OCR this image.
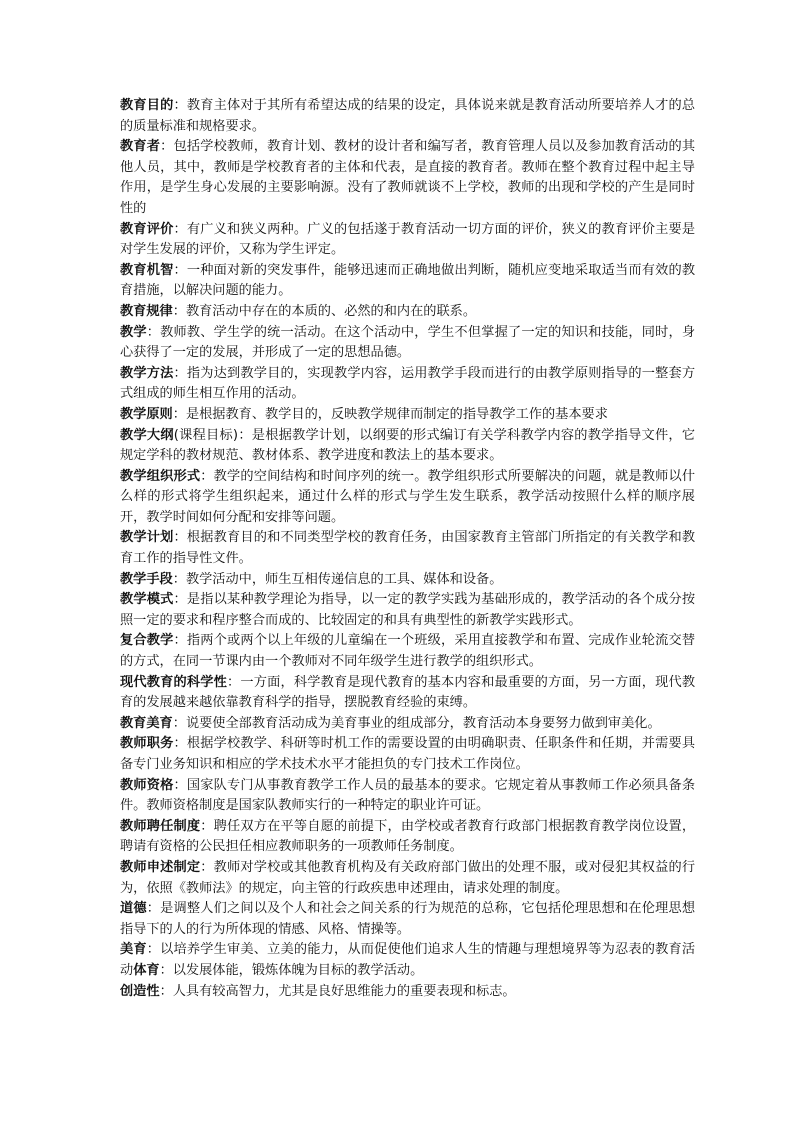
教育目的：教育主体对于其所有希望达成的结果的设定，具体说来就是教育活动所要培养人才的总的质量标准和规格要求。

教育者：包括学校教师，教育计划、教材的设计者和编写者，教育管理人员以及参加教育活动的其他人员，其中，教师是学校教育者的主体和代表，是直接的教育者。教师在整个教育过程中起主导作用，是学生身心发展的主要影响源。没有了教师就谈不上学校，教师的出现和学校的产生是同时性的

教育评价：有广义和狭义两种。广义的包括遂于教育活动一切方面的评价，狭义的教育评价主要是对学生发展的评价，又称为学生评定。

教育机智：一种面对新的突发事件，能够迅速而正确地做出判断，随机应变地采取适当而有效的教育措施，以解决问题的能力。

教育规律：教育活动中存在的本质的、必然的和内在的联系。

教学：教师教、学生学的统一活动。在这个活动中，学生不但掌握了一定的知识和技能，同时，身心获得了一定的发展，并形成了一定的思想品德。

教学方法：指为达到教学目的，实现教学内容，运用教学手段而进行的由教学原则指导的一整套方式组成的师生相互作用的活动。

教学原则：是根据教育、教学目的，反映教学规律而制定的指导教学工作的基本要求

教学大纲(课程目标)：是根据教学计划，以纲要的形式编订有关学科教学内容的教学指导文件，它规定学科的教材规范、教材体系、教学进度和教法上的基本要求。

教学组织形式：教学的空间结构和时间序列的统一。教学组织形式所要解决的问题，就是教师以什么样的形式将学生组织起来，通过什么样的形式与学生发生联系，教学活动按照什么样的顺序展开，教学时间如何分配和安排等问题。

教学计划：根据教育目的和不同类型学校的教育任务，由国家教育主管部门所指定的有关教学和教育工作的指导性文件。

教学手段：教学活动中，师生互相传递信息的工具、媒体和设备。

教学模式：是指以某种教学理论为指导，以一定的教学实践为基础形成的，教学活动的各个成分按照一定的要求和程序整合而成的、比较固定的和具有典型性的新教学实践形式。

复合教学：指两个或两个以上年级的儿童编在一个班级，采用直接教学和布置、完成作业轮流交替的方式，在同一节课内由一个教师对不同年级学生进行教学的组织形式。

现代教育的科学性：一方面，科学教育是现代教育的基本内容和最重要的方面，另一方面，现代教育的发展越来越依靠教育科学的指导，摆脱教育经验的束缚。

教育美育：说要使全部教育活动成为美育事业的组成部分，教育活动本身要努力做到审美化。

教师职务：根据学校教学、科研等时机工作的需要设置的由明确职责、任职条件和任期，并需要具备专门业务知识和相应的学术技术水平才能担负的专门技术工作岗位。

教师资格：国家队专门从事教育教学工作人员的最基本的要求。它规定着从事教师工作必须具备条件。教师资格制度是国家队教师实行的一种特定的职业许可证。

教师聘任制度：聘任双方在平等自愿的前提下，由学校或者教育行政部门根据教育教学岗位设置，聘请有资格的公民担任相应教师职务的一项教师任务制度。

教师申述制定：教师对学校或其他教育机构及有关政府部门做出的处理不服，或对侵犯其权益的行为，依照《教师法》的规定，向主管的行政疾患申述理由，请求处理的制度。

道德：是调整人们之间以及个人和社会之间关系的行为规范的总称，它包括伦理思想和在伦理思想指导下的人的行为所体现的情感、风格、情操等。

美育：以培养学生审美、立美的能力，从而促使他们追求人生的情趣与理想境界等为忍表的教育活动体育：以发展体能，锻炼体魄为目标的教学活动。

创造性：人具有较高智力，尤其是良好思维能力的重要表现和标志。
